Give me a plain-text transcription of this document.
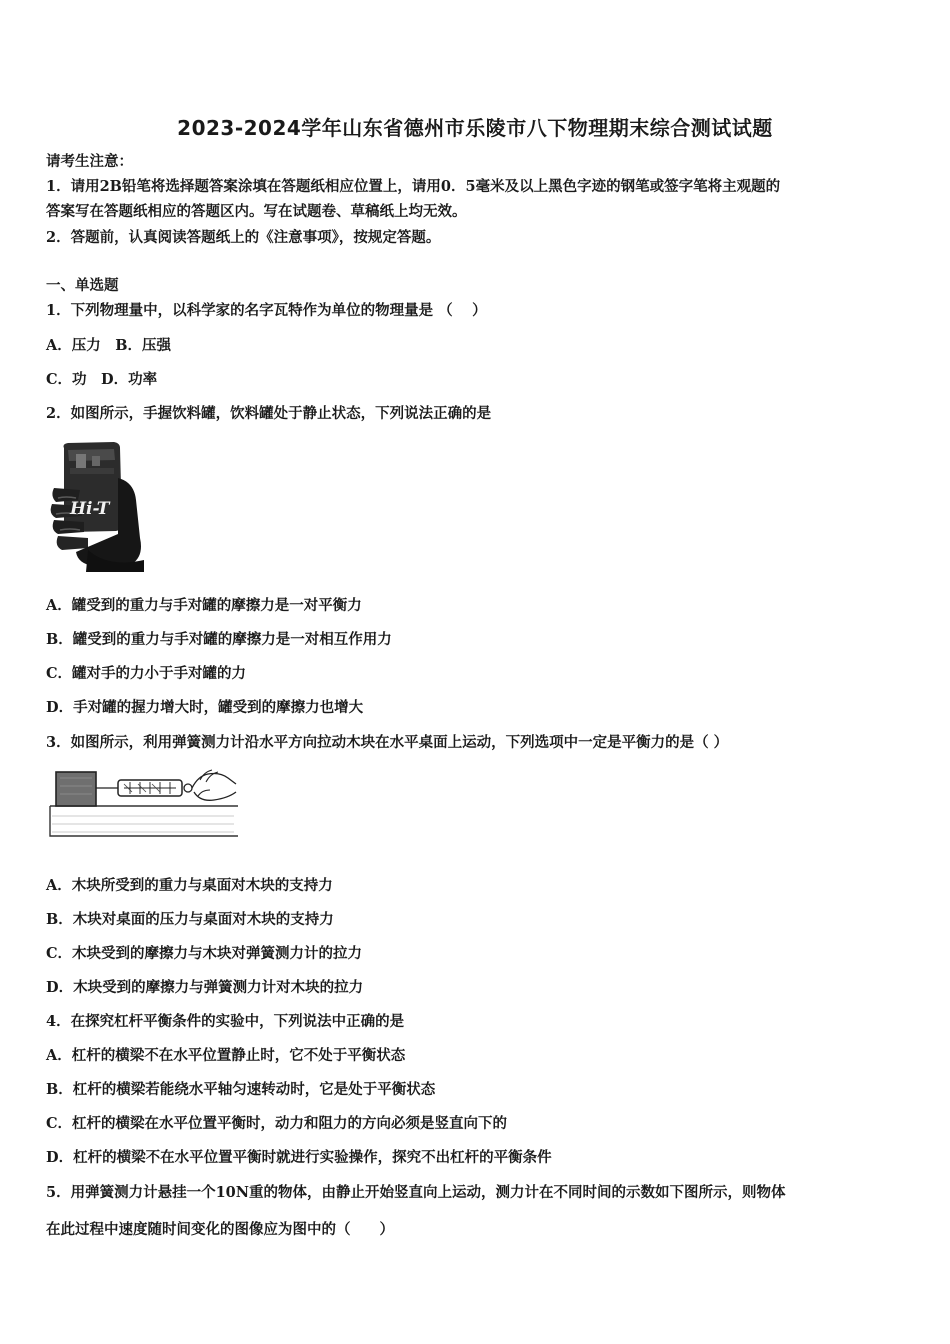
2023-2024学年山东省德州市乐陵市八下物理期末综合测试试题
请考生注意：
1．请用2B铅笔将选择题答案涂填在答题纸相应位置上，请用0．5毫米及以上黑色字迹的钢笔或签字笔将主观题的
答案写在答题纸相应的答题区内。写在试题卷、草稿纸上均无效。
2．答题前，认真阅读答题纸上的《注意事项》，按规定答题。
一、单选题
1．下列物理量中，以科学家的名字瓦特作为单位的物理量是 （　 ）
A．压力　B．压强
C．功　D．功率
2．如图所示，手握饮料罐，饮料罐处于静止状态，下列说法正确的是
Hi-T
A．罐受到的重力与手对罐的摩擦力是一对平衡力
B．罐受到的重力与手对罐的摩擦力是一对相互作用力
C．罐对手的力小于手对罐的力
D．手对罐的握力增大时，罐受到的摩擦力也增大
3．如图所示，利用弹簧测力计沿水平方向拉动木块在水平桌面上运动，下列选项中一定是平衡力的是（ ）
A．木块所受到的重力与桌面对木块的支持力
B．木块对桌面的压力与桌面对木块的支持力
C．木块受到的摩擦力与木块对弹簧测力计的拉力
D．木块受到的摩擦力与弹簧测力计对木块的拉力
4．在探究杠杆平衡条件的实验中，下列说法中正确的是
A．杠杆的横梁不在水平位置静止时，它不处于平衡状态
B．杠杆的横梁若能绕水平轴匀速转动时，它是处于平衡状态
C．杠杆的横梁在水平位置平衡时，动力和阻力的方向必须是竖直向下的
D．杠杆的横梁不在水平位置平衡时就进行实验操作，探究不出杠杆的平衡条件
5．用弹簧测力计悬挂一个10N重的物体，由静止开始竖直向上运动，测力计在不同时间的示数如下图所示，则物体
在此过程中速度随时间变化的图像应为图中的（　　）
